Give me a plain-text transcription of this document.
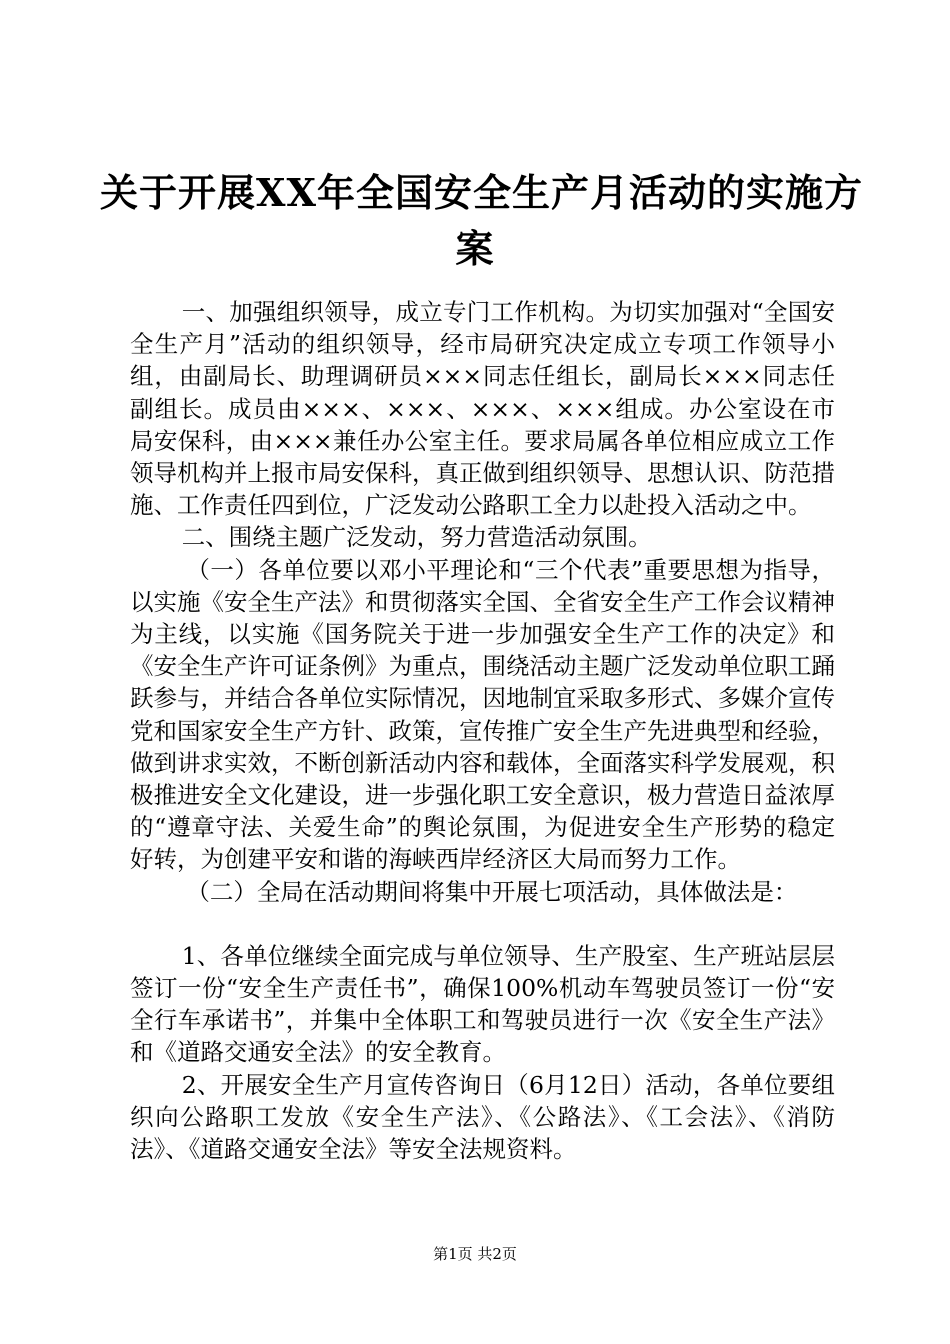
关于开展XX年全国安全生产月活动的实施方
案

一、加强组织领导，成立专门工作机构。为切实加强对“全国安全生产月”活动的组织领导，经市局研究决定成立专项工作领导小组，由副局长、助理调研员×××同志任组长，副局长×××同志任副组长。成员由×××、×××、×××、×××组成。办公室设在市局安保科，由×××兼任办公室主任。要求局属各单位相应成立工作领导机构并上报市局安保科，真正做到组织领导、思想认识、防范措施、工作责任四到位，广泛发动公路职工全力以赴投入活动之中。

二、围绕主题广泛发动，努力营造活动氛围。

（一）各单位要以邓小平理论和“三个代表”重要思想为指导，以实施《安全生产法》和贯彻落实全国、全省安全生产工作会议精神为主线，以实施《国务院关于进一步加强安全生产工作的决定》和《安全生产许可证条例》为重点，围绕活动主题广泛发动单位职工踊跃参与，并结合各单位实际情况，因地制宜采取多形式、多媒介宣传党和国家安全生产方针、政策，宣传推广安全生产先进典型和经验，做到讲求实效，不断创新活动内容和载体，全面落实科学发展观，积极推进安全文化建设，进一步强化职工安全意识，极力营造日益浓厚的“遵章守法、关爱生命”的舆论氛围，为促进安全生产形势的稳定好转，为创建平安和谐的海峡西岸经济区大局而努力工作。

（二）全局在活动期间将集中开展七项活动，具体做法是：

1、各单位继续全面完成与单位领导、生产股室、生产班站层层签订一份“安全生产责任书”，确保100%机动车驾驶员签订一份“安全行车承诺书”，并集中全体职工和驾驶员进行一次《安全生产法》和《道路交通安全法》的安全教育。

2、开展安全生产月宣传咨询日（6月12日）活动，各单位要组织向公路职工发放《安全生产法》、《公路法》、《工会法》、《消防法》、《道路交通安全法》等安全法规资料。

第1页 共2页
